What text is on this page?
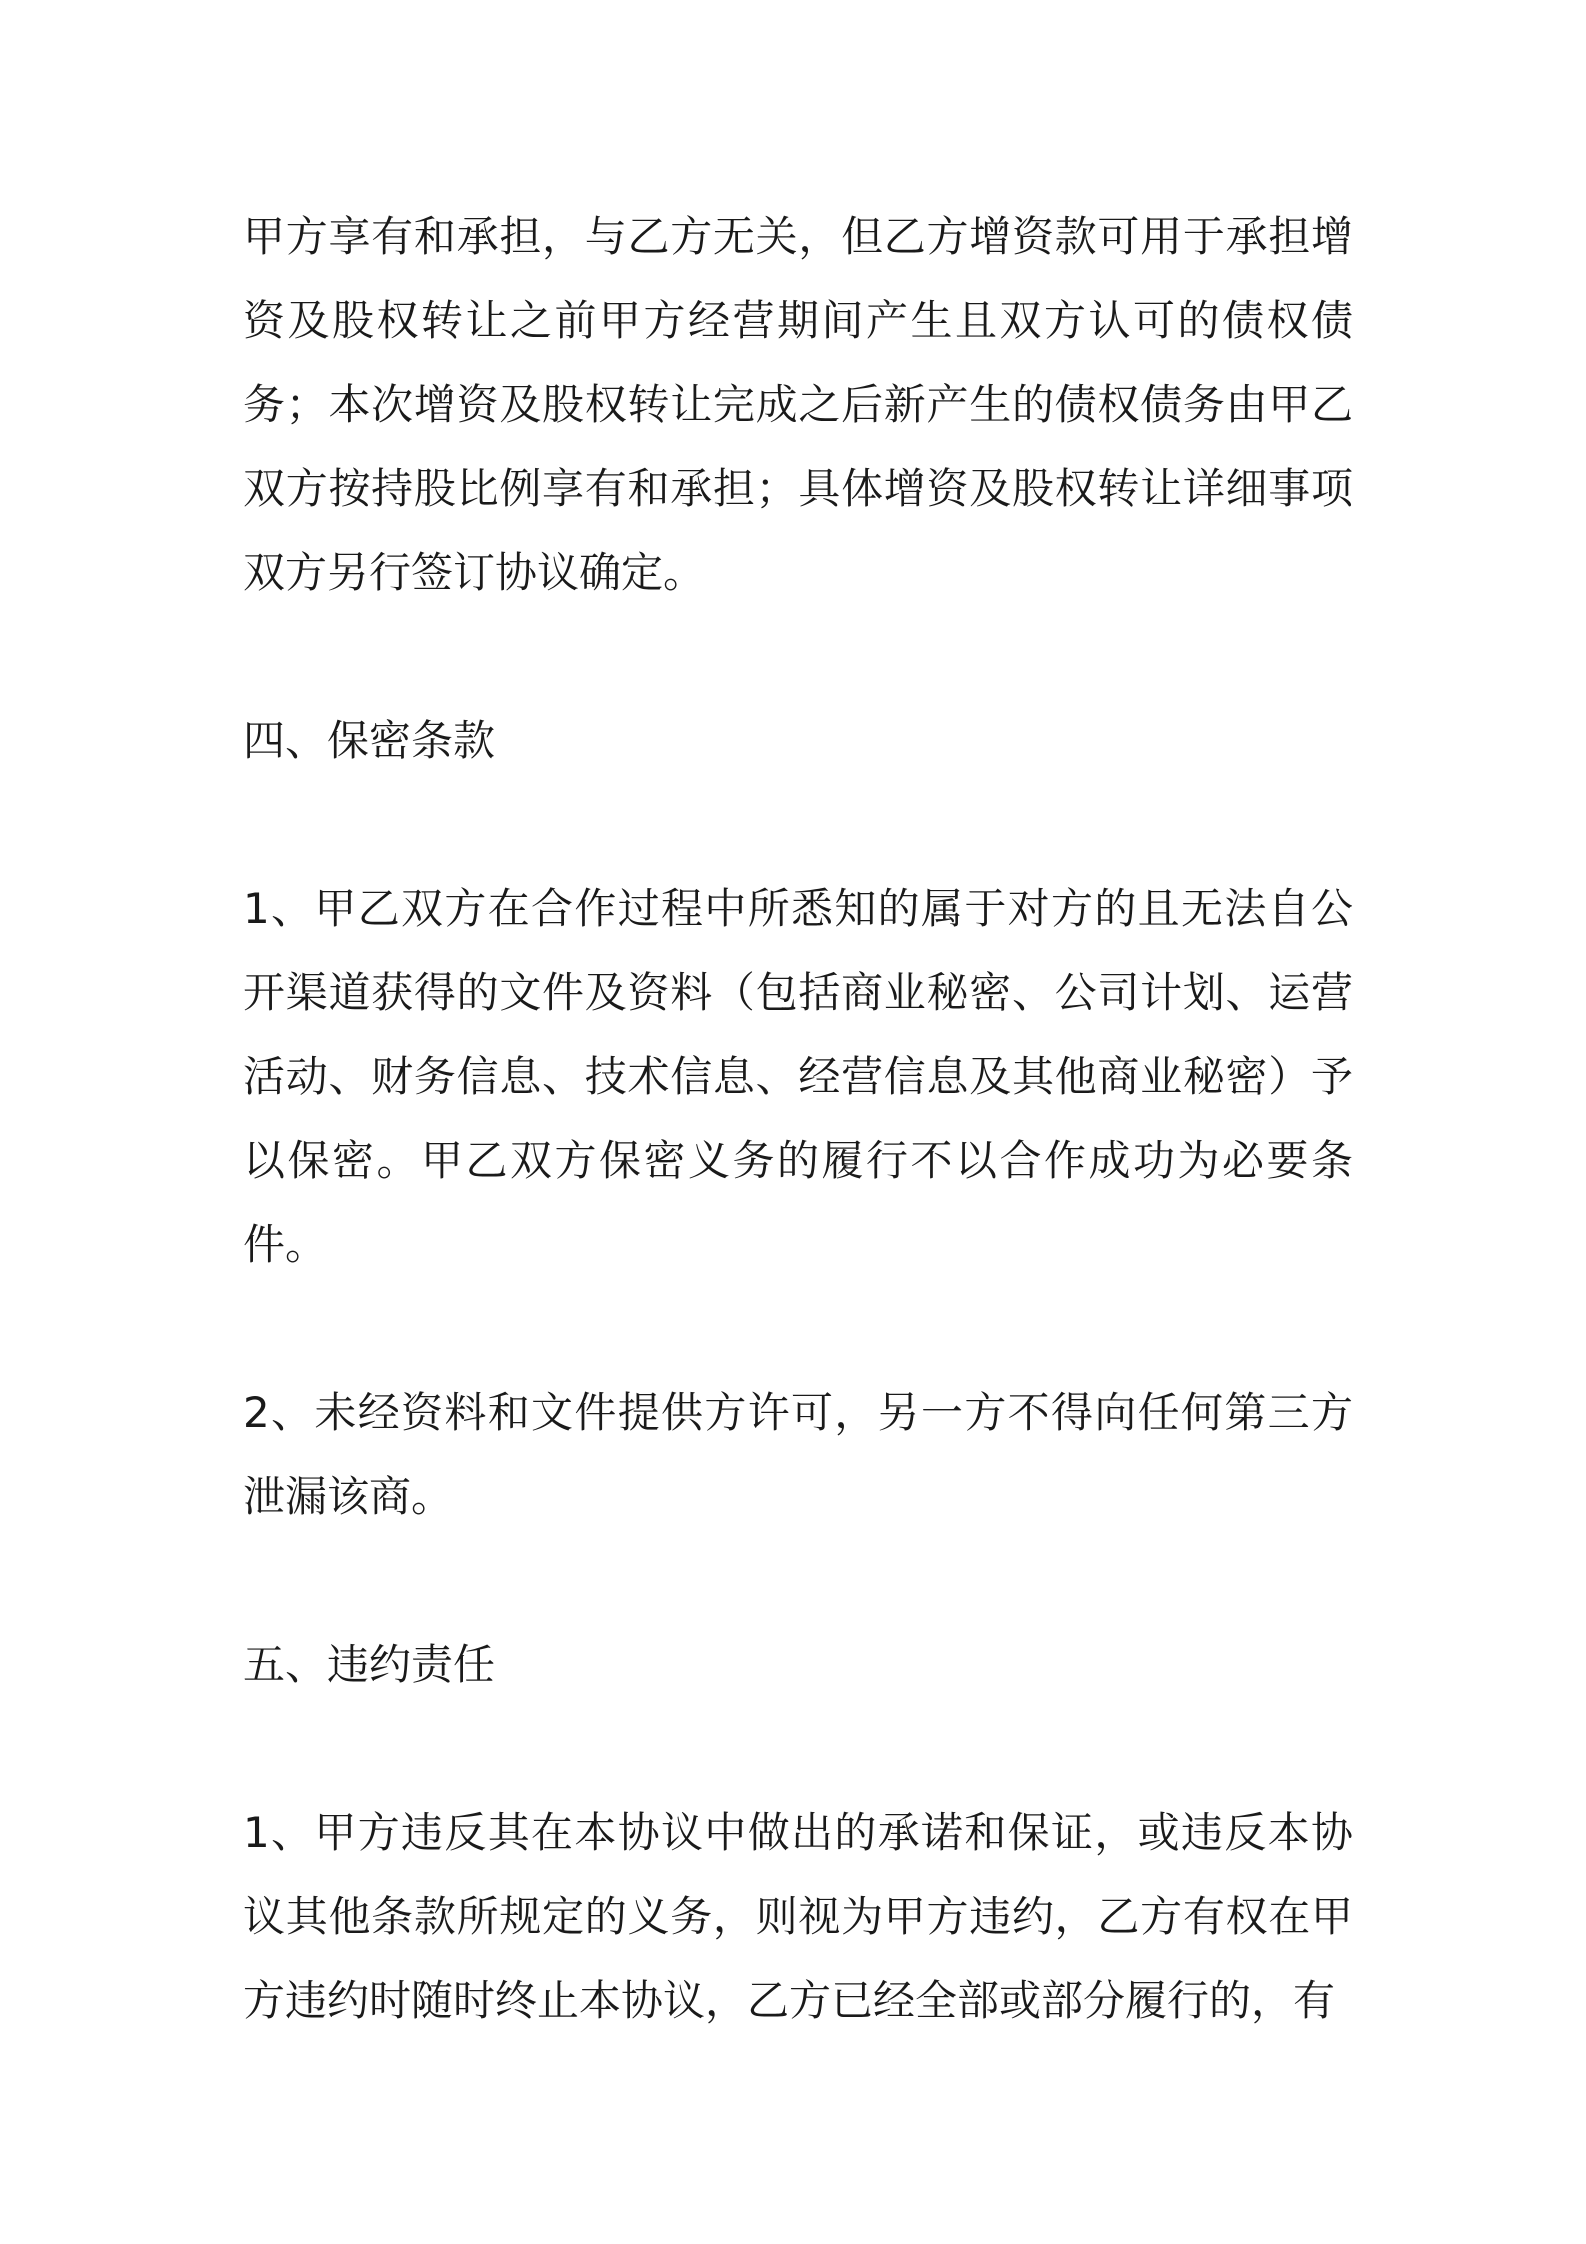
甲方享有和承担，与乙方无关，但乙方增资款可用于承担增资及股权转让之前甲方经营期间产生且双方认可的债权债务；本次增资及股权转让完成之后新产生的债权债务由甲乙双方按持股比例享有和承担；具体增资及股权转让详细事项双方另行签订协议确定。

四、保密条款

1、甲乙双方在合作过程中所悉知的属于对方的且无法自公开渠道获得的文件及资料（包括商业秘密、公司计划、运营活动、财务信息、技术信息、经营信息及其他商业秘密）予以保密。甲乙双方保密义务的履行不以合作成功为必要条件。

2、未经资料和文件提供方许可，另一方不得向任何第三方泄漏该商。

五、违约责任

1、甲方违反其在本协议中做出的承诺和保证，或违反本协议其他条款所规定的义务，则视为甲方违约，乙方有权在甲方违约时随时终止本协议，乙方已经全部或部分履行的，有
